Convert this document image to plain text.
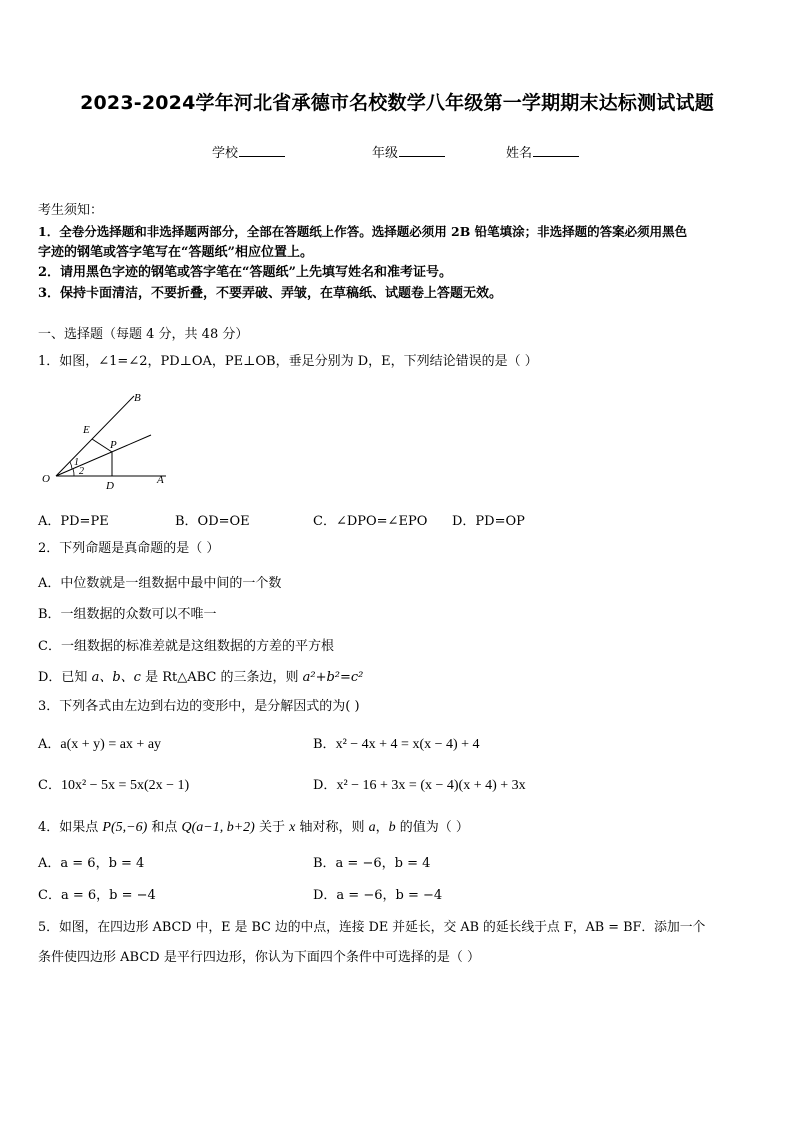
2023-2024学年河北省承德市名校数学八年级第一学期期末达标测试试题
学校	年级	姓名
考生须知：
1．全卷分选择题和非选择题两部分，全部在答题纸上作答。选择题必须用 2B 铅笔填涂；非选择题的答案必须用黑色
字迹的钢笔或答字笔写在“答题纸”相应位置上。
2．请用黑色字迹的钢笔或答字笔在“答题纸”上先填写姓名和准考证号。
3．保持卡面清洁，不要折叠，不要弄破、弄皱，在草稿纸、试题卷上答题无效。
一、选择题（每题 4 分，共 48 分）
1．如图，∠1=∠2，PD⊥OA，PE⊥OB，垂足分别为 D，E，下列结论错误的是（ ）
B
E
P
O
D	A
1
2
A．PD=PE	B．OD=OE	C．∠DPO=∠EPO D．PD=OP
2．下列命题是真命题的是（ ）
A．中位数就是一组数据中最中间的一个数
B．一组数据的众数可以不唯一
C．一组数据的标准差就是这组数据的方差的平方根
D．已知 a、b、c 是 Rt△ABC 的三条边，则 a²+b²=c²
3．下列各式由左边到右边的变形中，是分解因式的为( )
A．a(x + y) = ax + ay	B．x² − 4x + 4 = x(x − 4) + 4
C．10x² − 5x = 5x(2x − 1)	D．x² − 16 + 3x = (x − 4)(x + 4) + 3x
4．如果点 P(5,−6) 和点 Q(a−1, b+2) 关于 x 轴对称，则 a，b 的值为（ ）
A．a = 6，b = 4	B．a = −6，b = 4
C．a = 6，b = −4	D．a = −6，b = −4
5．如图，在四边形 ABCD 中，E 是 BC 边的中点，连接 DE 并延长，交 AB 的延长线于点 F，AB = BF．添加一个
条件使四边形 ABCD 是平行四边形，你认为下面四个条件中可选择的是（ ）
